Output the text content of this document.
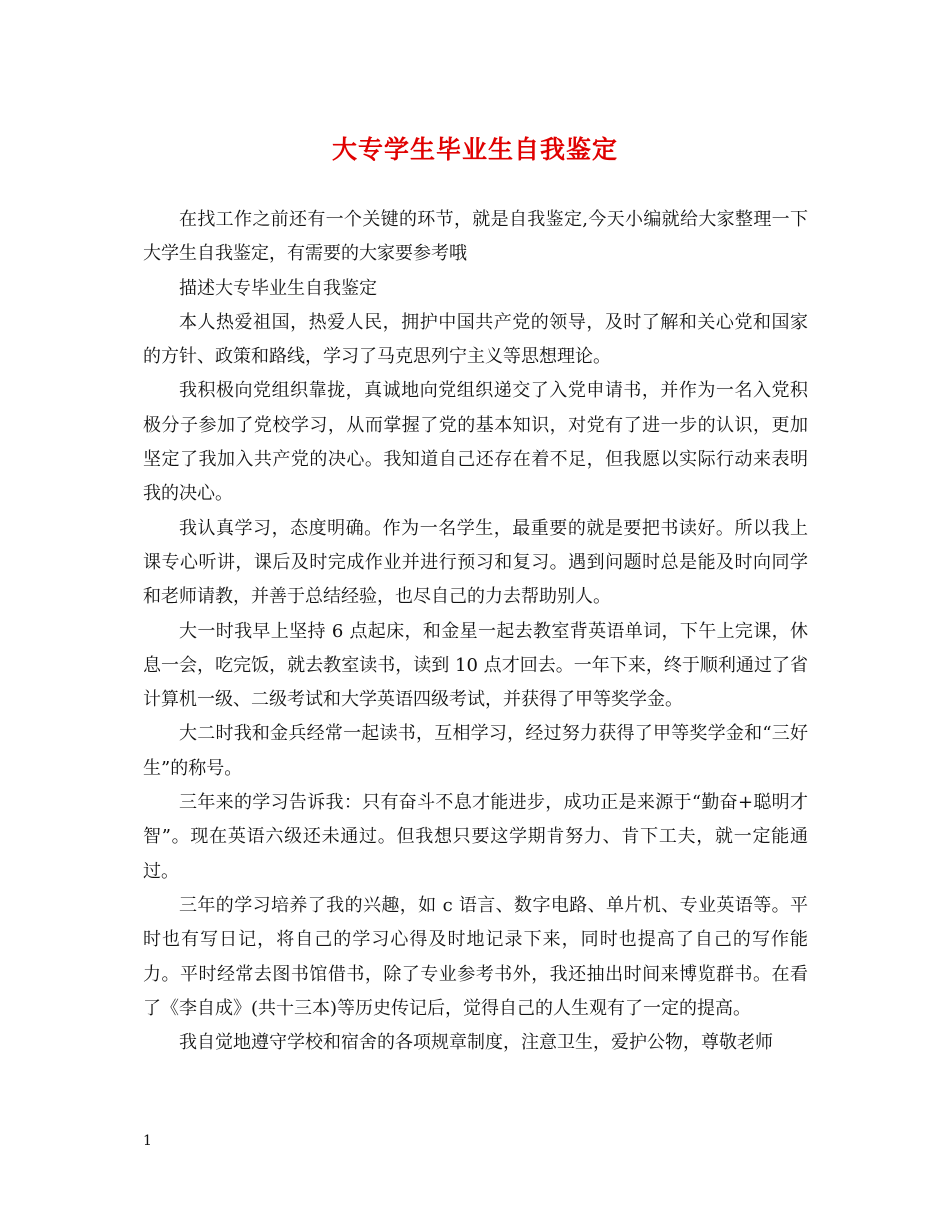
大专学生毕业生自我鉴定

在找工作之前还有一个关键的环节，就是自我鉴定,今天小编就给大家整理一下大学生自我鉴定，有需要的大家要参考哦

描述大专毕业生自我鉴定

本人热爱祖国，热爱人民，拥护中国共产党的领导，及时了解和关心党和国家的方针、政策和路线，学习了马克思列宁主义等思想理论。

我积极向党组织靠拢，真诚地向党组织递交了入党申请书，并作为一名入党积极分子参加了党校学习，从而掌握了党的基本知识，对党有了进一步的认识，更加坚定了我加入共产党的决心。我知道自己还存在着不足，但我愿以实际行动来表明我的决心。

我认真学习，态度明确。作为一名学生，最重要的就是要把书读好。所以我上课专心听讲，课后及时完成作业并进行预习和复习。遇到问题时总是能及时向同学和老师请教，并善于总结经验，也尽自己的力去帮助别人。

大一时我早上坚持 6 点起床，和金星一起去教室背英语单词，下午上完课，休息一会，吃完饭，就去教室读书，读到 10 点才回去。一年下来，终于顺利通过了省计算机一级、二级考试和大学英语四级考试，并获得了甲等奖学金。

大二时我和金兵经常一起读书，互相学习，经过努力获得了甲等奖学金和“三好生”的称号。

三年来的学习告诉我：只有奋斗不息才能进步，成功正是来源于“勤奋+聪明才智”。现在英语六级还未通过。但我想只要这学期肯努力、肯下工夫，就一定能通过。

三年的学习培养了我的兴趣，如 c 语言、数字电路、单片机、专业英语等。平时也有写日记，将自己的学习心得及时地记录下来，同时也提高了自己的写作能力。平时经常去图书馆借书，除了专业参考书外，我还抽出时间来博览群书。在看了《李自成》(共十三本)等历史传记后，觉得自己的人生观有了一定的提高。

我自觉地遵守学校和宿舍的各项规章制度，注意卫生，爱护公物，尊敬老师

1
